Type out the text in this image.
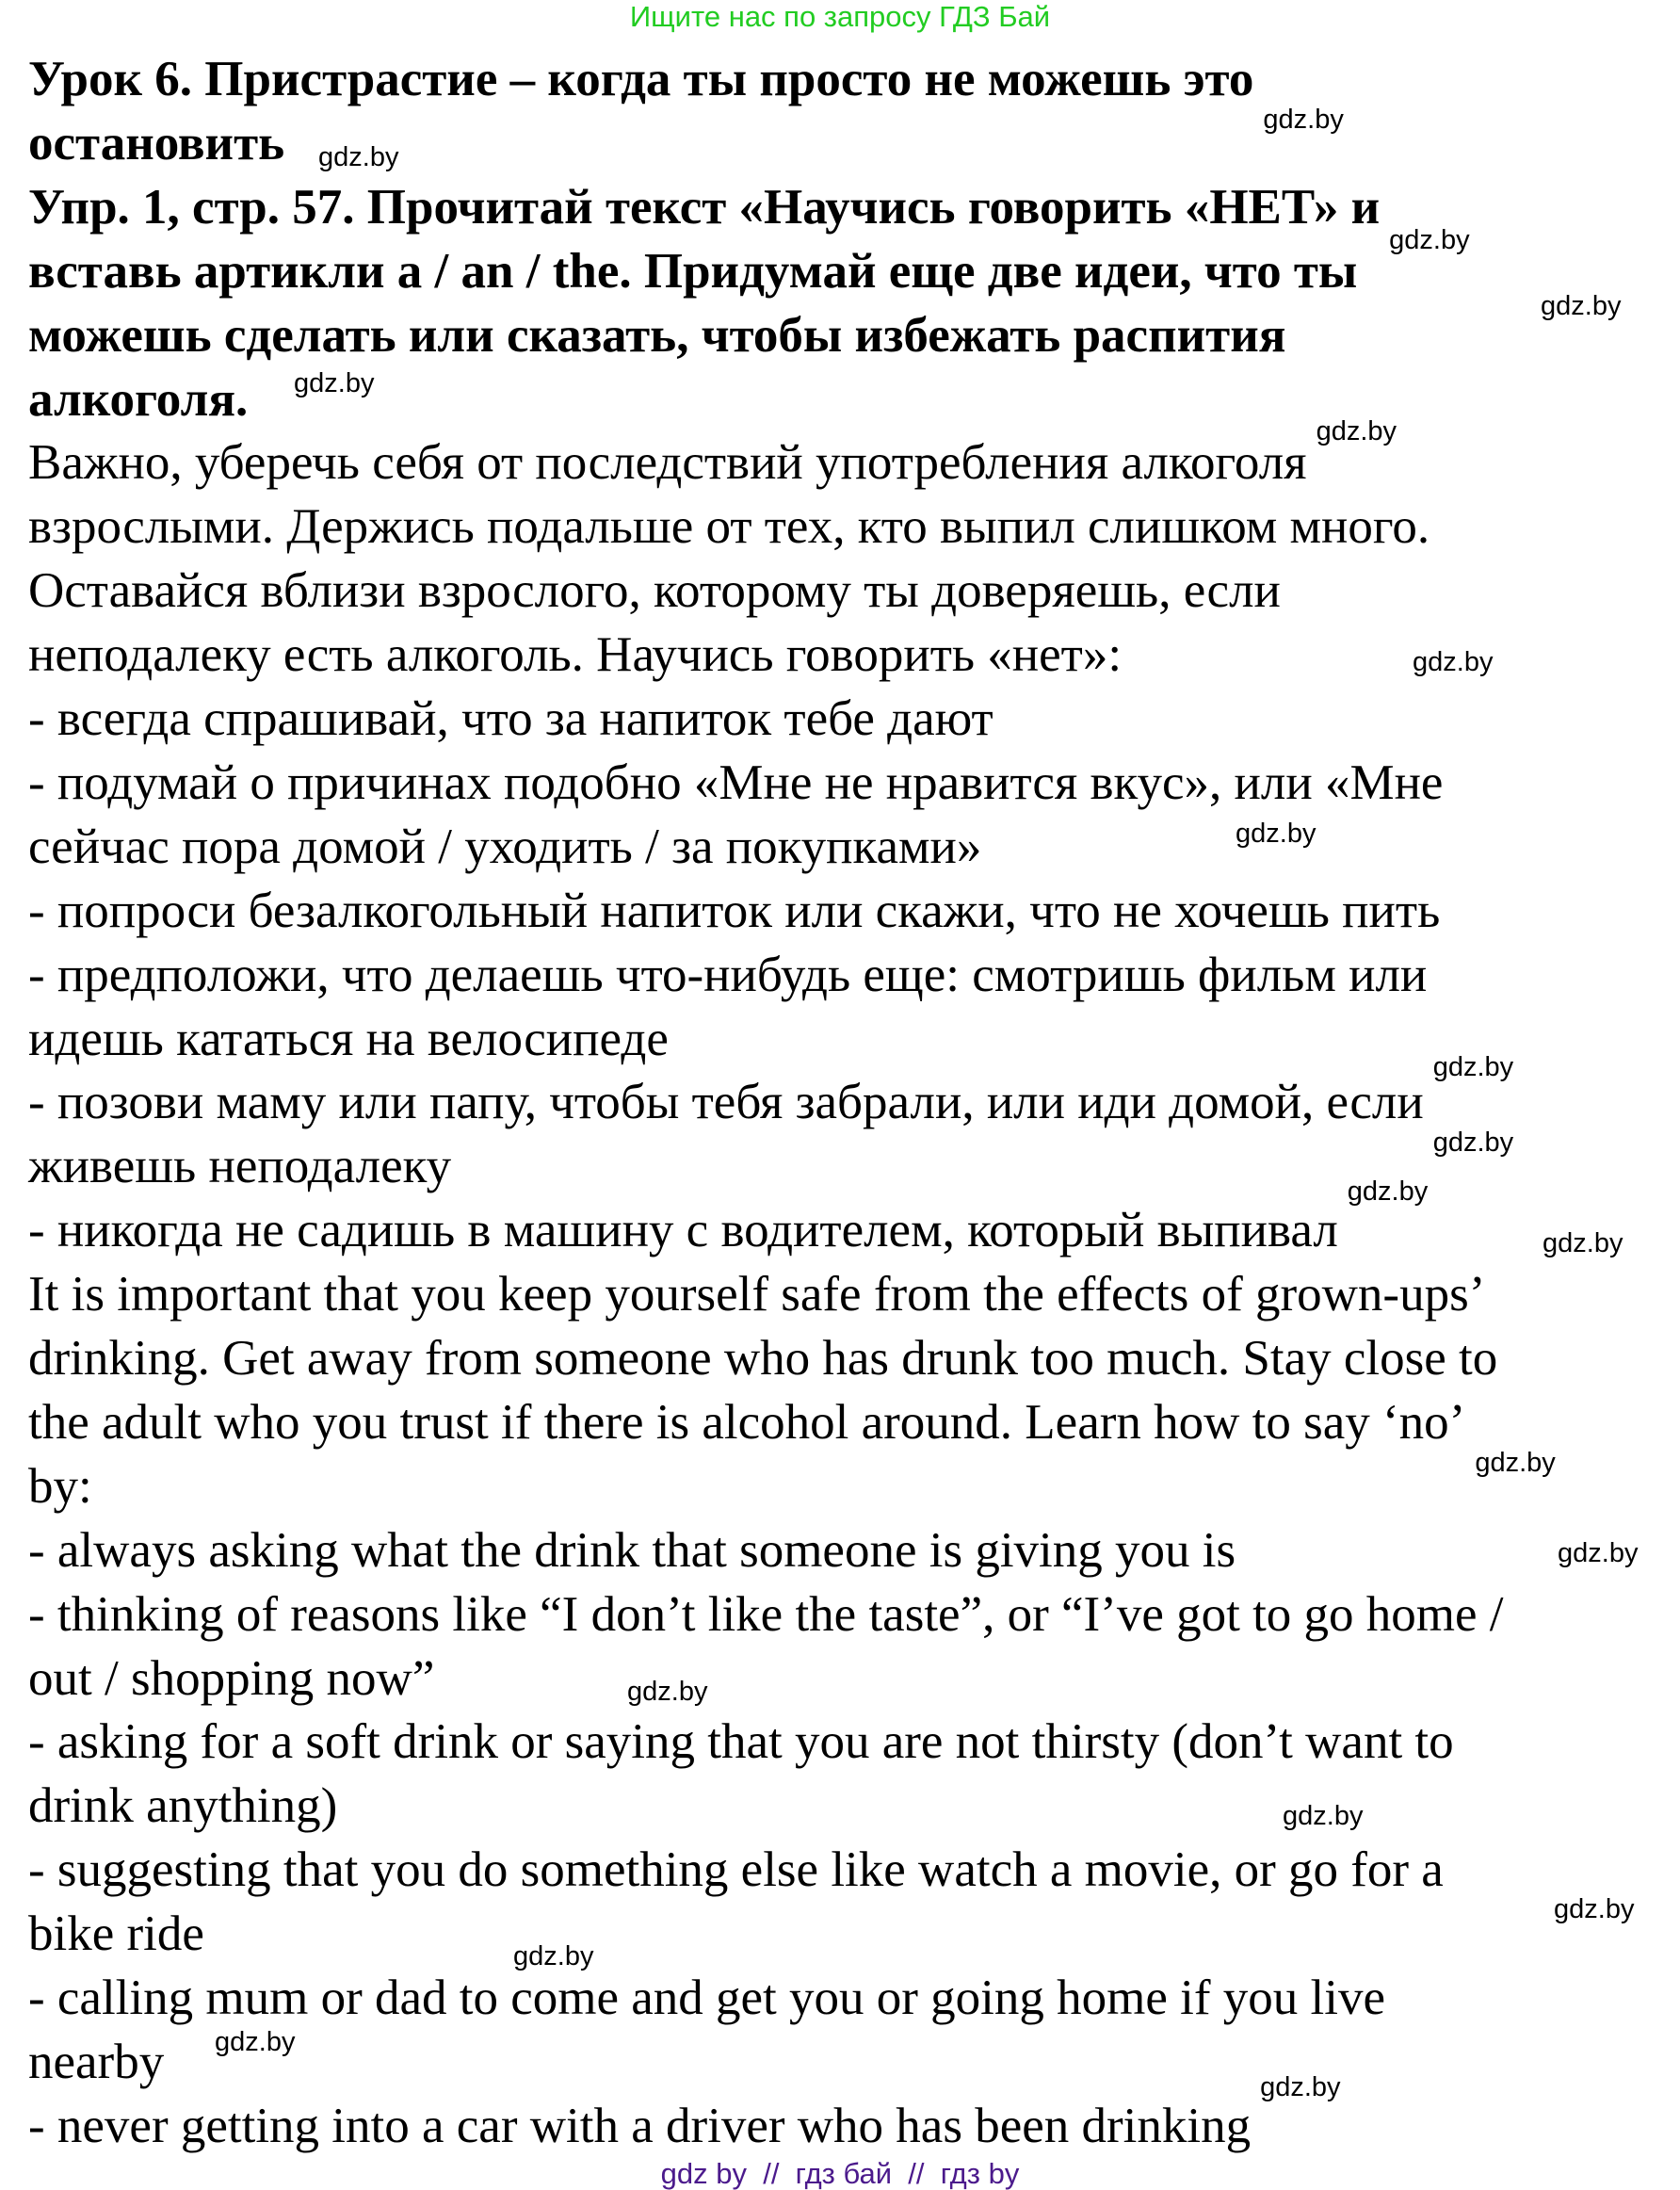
Ищите нас по запросу ГДЗ Бай
Урок 6. Пристрастие – когда ты просто не можешь это
остановить
Упр. 1, стр. 57. Прочитай текст «Научись говорить «НЕТ» и
вставь артикли a / an / the. Придумай еще две идеи, что ты
можешь сделать или сказать, чтобы избежать распития
алкоголя.
Важно, уберечь себя от последствий употребления алкоголя
взрослыми. Держись подальше от тех, кто выпил слишком много.
Оставайся вблизи взрослого, которому ты доверяешь, если
неподалеку есть алкоголь. Научись говорить «нет»:
- всегда спрашивай, что за напиток тебе дают
- подумай о причинах подобно «Мне не нравится вкус», или «Мне
сейчас пора домой / уходить / за покупками»
- попроси безалкогольный напиток или скажи, что не хочешь пить
- предположи, что делаешь что-нибудь еще: смотришь фильм или
идешь кататься на велосипеде
- позови маму или папу, чтобы тебя забрали, или иди домой, если
живешь неподалеку
- никогда не садишь в машину с водителем, который выпивал
It is important that you keep yourself safe from the effects of grown-ups’
drinking. Get away from someone who has drunk too much. Stay close to
the adult who you trust if there is alcohol around. Learn how to say ‘no’
by:
- always asking what the drink that someone is giving you is
- thinking of reasons like “I don’t like the taste”, or “I’ve got to go home /
out / shopping now”
- asking for a soft drink or saying that you are not thirsty (don’t want to
drink anything)
- suggesting that you do something else like watch a movie, or go for a
bike ride
- calling mum or dad to come and get you or going home if you live
nearby
- never getting into a car with a driver who has been drinking
gdz.by
gdz.by
gdz.by
gdz.by
gdz.by
gdz.by
gdz.by
gdz.by
gdz.by
gdz.by
gdz.by
gdz.by
gdz.by
gdz.by
gdz.by
gdz.by
gdz.by
gdz.by
gdz.by
gdz.by
gdz by  //  гдз бай  //  гдз by
